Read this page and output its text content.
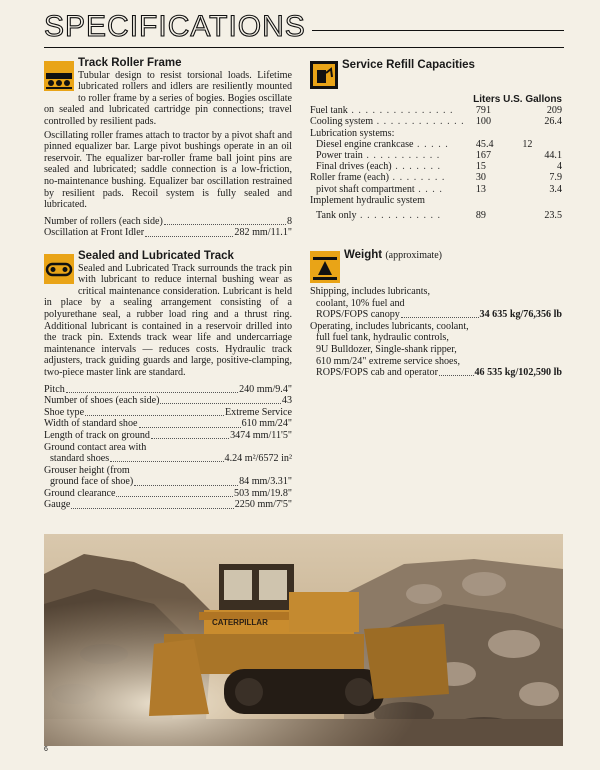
SPECIFICATIONS
Track Roller Frame

Tubular design to resist torsional loads. Lifetime lubricated rollers and idlers are resiliently mounted to roller frame by a series of bogies. Bogies oscillate on sealed and lubricated cartridge pin connections; travel controlled by resilient pads.

Oscillating roller frames attach to tractor by a pivot shaft and pinned equalizer bar. Large pivot bushings operate in an oil reservoir. The equalizer bar-roller frame ball joint pins are sealed and lubricated; saddle connection is a low-friction, no-maintenance bushing. Equalizer bar oscillation restrained by resilient pads. Recoil system is fully sealed and lubricated.

Number of rollers (each side)	8
Oscillation at Front Idler	282 mm/11.1"
Service Refill Capacities
	Liters	U.S. Gallons
Fuel tank . . . . . . . . . . . . . . .	791	209
Cooling system . . . . . . . . . . . . .	100	26.4
Lubrication systems:		
Diesel engine crankcase . . . . .	45.4	12
Power train . . . . . . . . . . .	167	44.1
Final drives (each) . . . . . . .	15	4
Roller frame (each) . . . . . . . .	30	7.9
pivot shaft compartment . . . .	13	3.4
Implement hydraulic system		
Tank only . . . . . . . . . . . .	89	23.5
Sealed and Lubricated Track

Sealed and Lubricated Track surrounds the track pin with lubricant to reduce internal bushing wear as critical maintenance consideration. Lubricant is held in place by a sealing arrangement consisting of a polyurethane seal, a rubber load ring and a thrust ring. Additional lubricant is contained in a reservoir drilled into the track pin. Extends track wear life and undercarriage maintenance intervals — reduces costs. Hydraulic track adjusters, track guiding guards and large, positive-clamping, two-piece master link are standard.

Pitch	240 mm/9.4"
Number of shoes (each side)	43
Shoe type	Extreme Service
Width of standard shoe	610 mm/24"
Length of track on ground	3474 mm/11'5"
Ground contact area with
standard shoes	4.24 m²/6572 in²
Grouser height (from
ground face of shoe)	84 mm/3.31"
Ground clearance	503 mm/19.8"
Gauge	2250 mm/7'5"
Weight (approximate)
Shipping, includes lubricants,
coolant, 10% fuel and
ROPS/FOPS canopy	34 635 kg/76,356 lb
Operating, includes lubricants, coolant,
full fuel tank, hydraulic controls,
9U Bulldozer, Single-shank ripper,
610 mm/24" extreme service shoes,
ROPS/FOPS cab and operator	46 535 kg/102,590 lb
CATERPILLAR
6
